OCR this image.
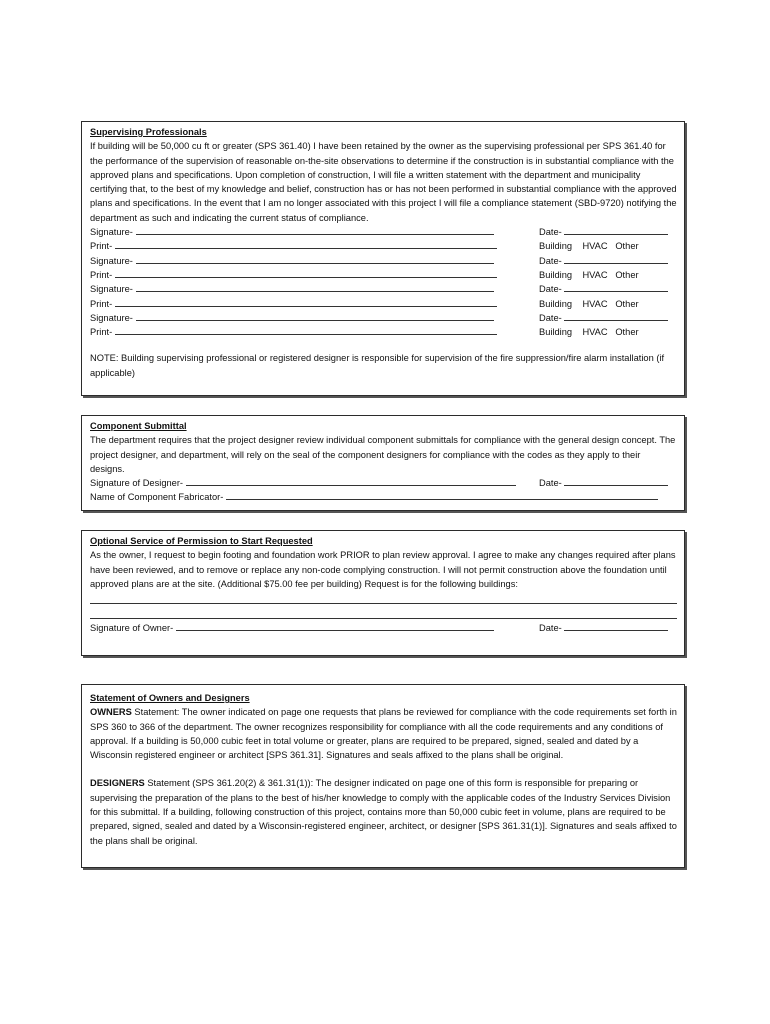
Supervising Professionals

If building will be 50,000 cu ft or greater (SPS 361.40) I have been retained by the owner as the supervising professional per SPS 361.40 for the performance of the supervision of reasonable on-the-site observations to determine if the construction is in substantial compliance with the approved plans and specifications. Upon completion of construction, I will file a written statement with the department and municipality certifying that, to the best of my knowledge and belief, construction has or has not been performed in substantial compliance with the approved plans and specifications. In the event that I am no longer associated with this project I will file a compliance statement (SBD-9720) notifying the department as such and indicating the current status of compliance.

Signature-	Date-
Print-	Building HVAC Other
Signature-	Date-
Print-	Building HVAC Other
Signature-	Date-
Print-	Building HVAC Other
Signature-	Date-
Print-	Building HVAC Other

NOTE: Building supervising professional or registered designer is responsible for supervision of the fire suppression/fire alarm installation (if applicable)

Component Submittal

The department requires that the project designer review individual component submittals for compliance with the general design concept. The project designer, and department, will rely on the seal of the component designers for compliance with the codes as they apply to their designs.

Signature of Designer-	Date-
Name of Component Fabricator-
Optional Service of Permission to Start Requested

As the owner, I request to begin footing and foundation work PRIOR to plan review approval. I agree to make any changes required after plans have been reviewed, and to remove or replace any non-code complying construction. I will not permit construction above the foundation until approved plans are at the site. (Additional $75.00 fee per building) Request is for the following buildings:

Signature of Owner-	Date-
Statement of Owners and Designers

OWNERS Statement: The owner indicated on page one requests that plans be reviewed for compliance with the code requirements set forth in SPS 360 to 366 of the department. The owner recognizes responsibility for compliance with all the code requirements and any conditions of approval. If a building is 50,000 cubic feet in total volume or greater, plans are required to be prepared, signed, sealed and dated by a Wisconsin registered engineer or architect [SPS 361.31]. Signatures and seals affixed to the plans shall be original.

DESIGNERS Statement (SPS 361.20(2) & 361.31(1)): The designer indicated on page one of this form is responsible for preparing or supervising the preparation of the plans to the best of his/her knowledge to comply with the applicable codes of the Industry Services Division for this submittal. If a building, following construction of this project, contains more than 50,000 cubic feet in volume, plans are required to be prepared, signed, sealed and dated by a Wisconsin-registered engineer, architect, or designer [SPS 361.31(1)]. Signatures and seals affixed to the plans shall be original.
